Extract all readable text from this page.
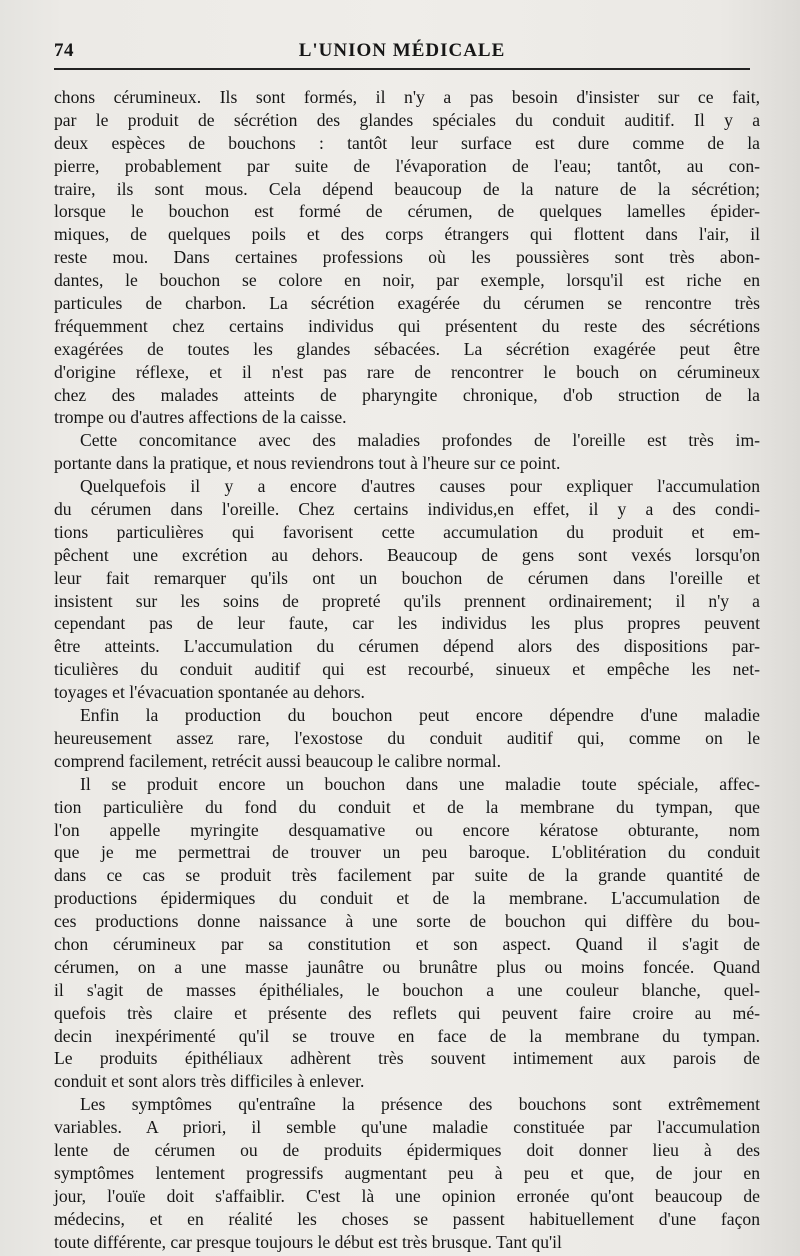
74	L'UNION MÉDICALE
chons cérumineux. Ils sont formés, il n'y a pas besoin d'insister sur ce fait,
par le produit de sécrétion des glandes spéciales du conduit auditif. Il y a
deux espèces de bouchons : tantôt leur surface est dure comme de la
pierre, probablement par suite de l'évaporation de l'eau; tantôt, au con-
traire, ils sont mous. Cela dépend beaucoup de la nature de la sécrétion;
lorsque le bouchon est formé de cérumen, de quelques lamelles épider-
miques, de quelques poils et des corps étrangers qui flottent dans l'air, il
reste mou. Dans certaines professions où les poussières sont très abon-
dantes, le bouchon se colore en noir, par exemple, lorsqu'il est riche en
particules de charbon. La sécrétion exagérée du cérumen se rencontre très
fréquemment chez certains individus qui présentent du reste des sécrétions
exagérées de toutes les glandes sébacées. La sécrétion exagérée peut être
d'origine réflexe, et il n'est pas rare de rencontrer le bouch on cérumineux
chez des malades atteints de pharyngite chronique, d'ob struction de la
trompe ou d'autres affections de la caisse.
Cette concomitance avec des maladies profondes de l'oreille est très im-
portante dans la pratique, et nous reviendrons tout à l'heure sur ce point.
Quelquefois il y a encore d'autres causes pour expliquer l'accumulation
du cérumen dans l'oreille. Chez certains individus,en effet, il y a des condi-
tions particulières qui favorisent cette accumulation du produit et em-
pêchent une excrétion au dehors. Beaucoup de gens sont vexés lorsqu'on
leur fait remarquer qu'ils ont un bouchon de cérumen dans l'oreille et
insistent sur les soins de propreté qu'ils prennent ordinairement; il n'y a
cependant pas de leur faute, car les individus les plus propres peuvent
être atteints. L'accumulation du cérumen dépend alors des dispositions par-
ticulières du conduit auditif qui est recourbé, sinueux et empêche les net-
toyages et l'évacuation spontanée au dehors.
Enfin la production du bouchon peut encore dépendre d'une maladie
heureusement assez rare, l'exostose du conduit auditif qui, comme on le
comprend facilement, retrécit aussi beaucoup le calibre normal.
Il se produit encore un bouchon dans une maladie toute spéciale, affec-
tion particulière du fond du conduit et de la membrane du tympan, que
l'on appelle myringite desquamative ou encore kératose obturante, nom
que je me permettrai de trouver un peu baroque. L'oblitération du conduit
dans ce cas se produit très facilement par suite de la grande quantité de
productions épidermiques du conduit et de la membrane. L'accumulation de
ces productions donne naissance à une sorte de bouchon qui diffère du bou-
chon cérumineux par sa constitution et son aspect. Quand il s'agit de
cérumen, on a une masse jaunâtre ou brunâtre plus ou moins foncée. Quand
il s'agit de masses épithéliales, le bouchon a une couleur blanche, quel-
quefois très claire et présente des reflets qui peuvent faire croire au mé-
decin inexpérimenté qu'il se trouve en face de la membrane du tympan.
Le produits épithéliaux adhèrent très souvent intimement aux parois de
conduit et sont alors très difficiles à enlever.
Les symptômes qu'entraîne la présence des bouchons sont extrêmement
variables. A priori, il semble qu'une maladie constituée par l'accumulation
lente de cérumen ou de produits épidermiques doit donner lieu à des
symptômes lentement progressifs augmentant peu à peu et que, de jour en
jour, l'ouïe doit s'affaiblir. C'est là une opinion erronée qu'ont beaucoup de
médecins, et en réalité les choses se passent habituellement d'une façon
toute différente, car presque toujours le début est très brusque. Tant qu'il
